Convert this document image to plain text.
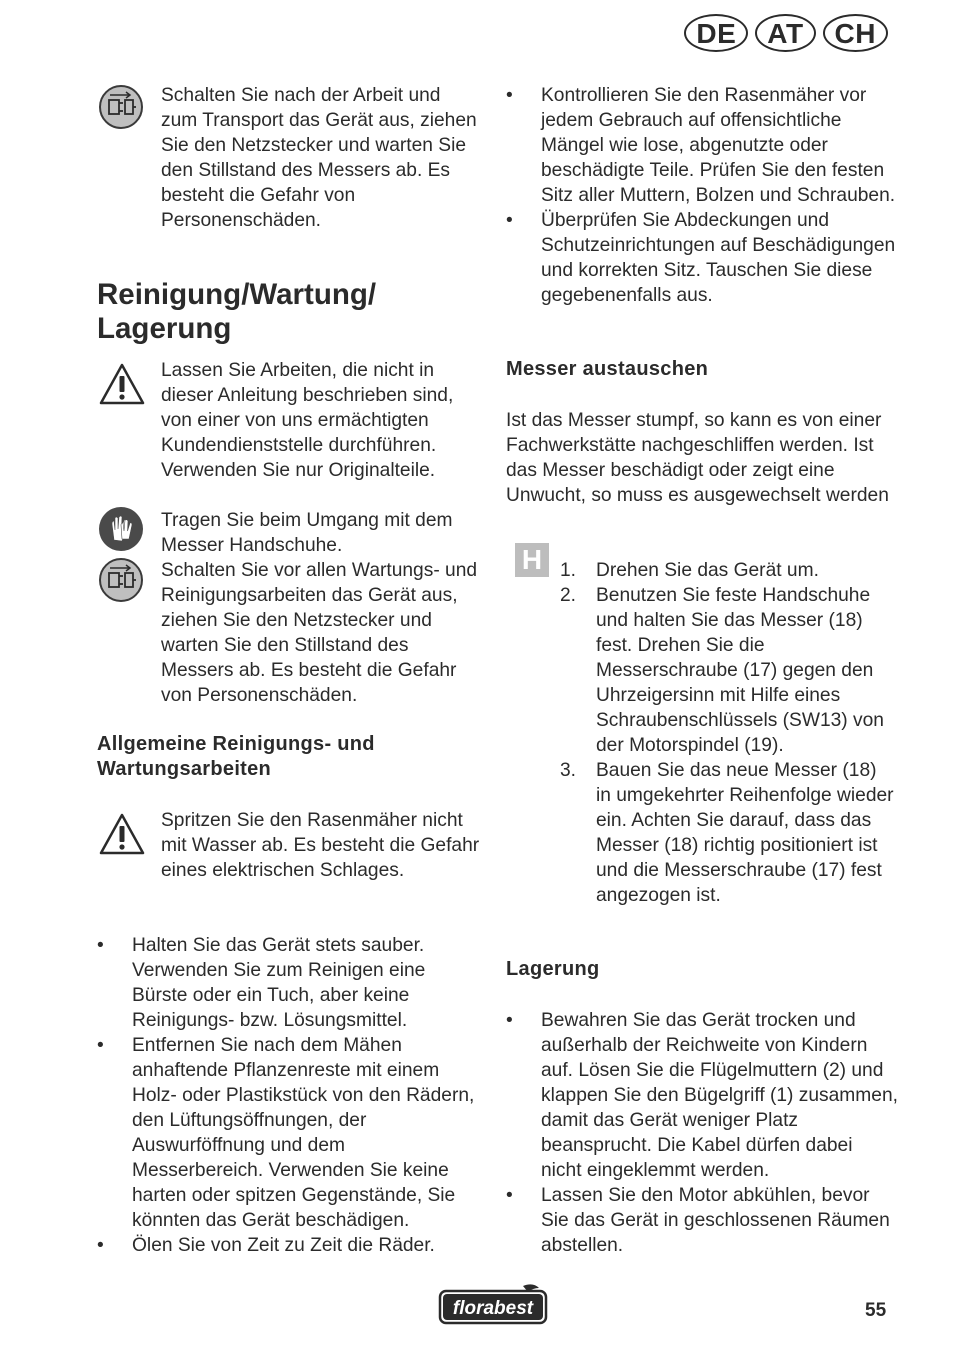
DE	AT	CH

Schalten Sie nach der Arbeit und zum Transport das Gerät aus, ziehen Sie den Netzstecker und warten Sie den Stillstand des Messers ab. Es besteht die Gefahr von Personenschäden.

Reinigung/Wartung/
Lagerung

Lassen Sie Arbeiten, die nicht in dieser Anleitung beschrieben sind, von einer von uns ermächtigten Kundendienststelle durchführen. Verwenden Sie nur Originalteile.

Tragen Sie beim Umgang mit dem Messer Handschuhe.

Schalten Sie vor allen Wartungs- und Reinigungsarbeiten das Gerät aus, ziehen Sie den Netzstecker und warten Sie den Stillstand des Messers ab. Es besteht die Gefahr von Personenschäden.

Allgemeine Reinigungs- und
Wartungsarbeiten

Spritzen Sie den Rasenmäher nicht mit Wasser ab. Es besteht die Gefahr eines elektrischen Schlages.

• Halten Sie das Gerät stets sauber. Verwenden Sie zum Reinigen eine Bürste oder ein Tuch, aber keine Reinigungs- bzw. Lösungsmittel.
• Entfernen Sie nach dem Mähen anhaftende Pflanzenreste mit einem Holz- oder Plastikstück von den Rädern, den Lüftungsöffnungen, der Auswurföffnung und dem Messerbereich. Verwenden Sie keine harten oder spitzen Gegenstände, Sie könnten das Gerät beschädigen.
• Ölen Sie von Zeit zu Zeit die Räder.
• Kontrollieren Sie den Rasenmäher vor jedem Gebrauch auf offensichtliche Mängel wie lose, abgenutzte oder beschädigte Teile. Prüfen Sie den festen Sitz aller Muttern, Bolzen und Schrauben.
• Überprüfen Sie Abdeckungen und Schutzeinrichtungen auf Beschädigungen und korrekten Sitz. Tauschen Sie diese gegebenenfalls aus.
Messer austauschen

Ist das Messer stumpf, so kann es von einer Fachwerkstätte nachgeschliffen werden. Ist das Messer beschädigt oder zeigt eine Unwucht, so muss es ausgewechselt werden

H 1. Drehen Sie das Gerät um.
2. Benutzen Sie feste Handschuhe und halten Sie das Messer (18) fest. Drehen Sie die Messerschraube (17) gegen den Uhrzeigersinn mit Hilfe eines Schraubenschlüssels (SW13) von der Motorspindel (19).
3. Bauen Sie das neue Messer (18) in umgekehrter Reihenfolge wieder ein. Achten Sie darauf, dass das Messer (18) richtig positioniert ist und die Messerschraube (17) fest angezogen ist.
Lagerung
• Bewahren Sie das Gerät trocken und außerhalb der Reichweite von Kindern auf. Lösen Sie die Flügelmuttern (2) und klappen Sie den Bügelgriff (1) zusammen, damit das Gerät weniger Platz beansprucht. Die Kabel dürfen dabei nicht eingeklemmt werden.
• Lassen Sie den Motor abkühlen, bevor Sie das Gerät in geschlossenen Räumen abstellen.
florabest	55
